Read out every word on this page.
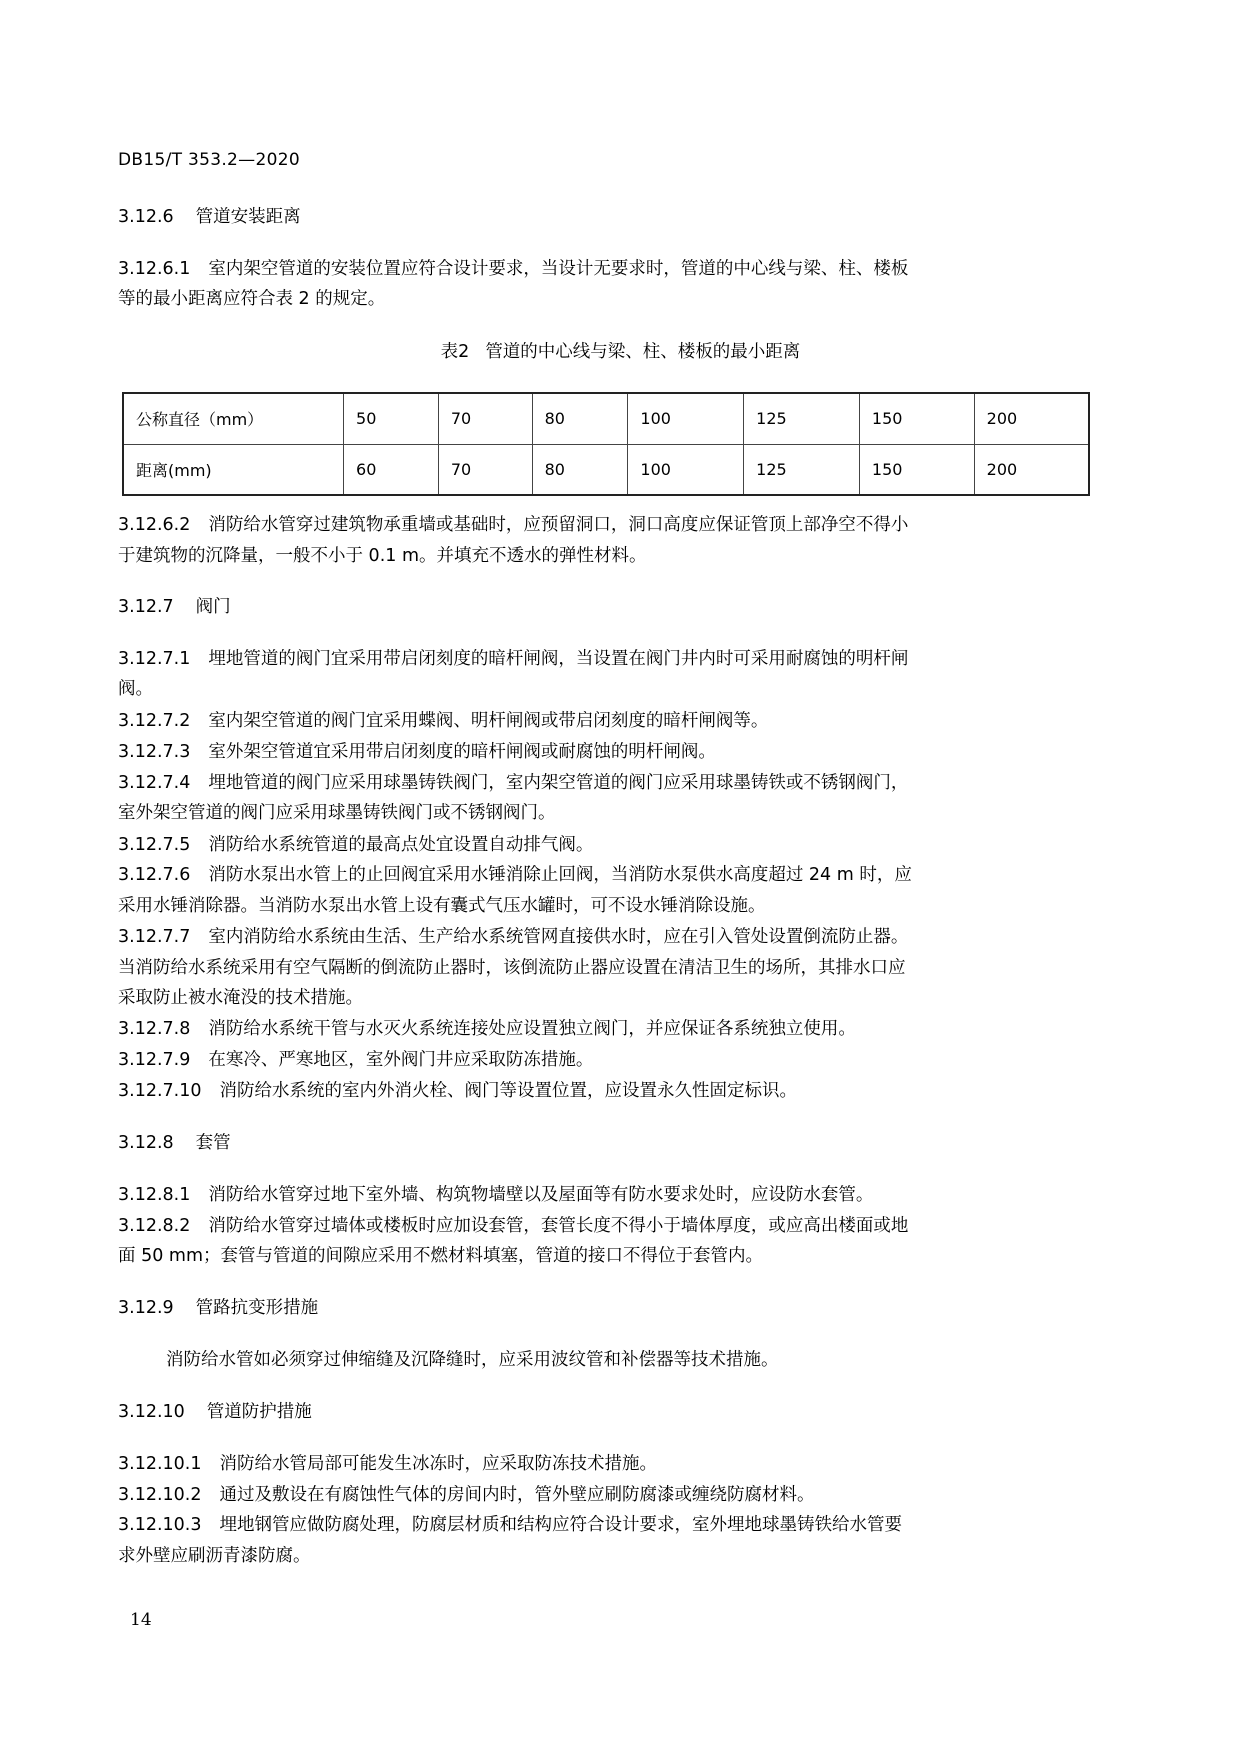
DB15/T 353.2—2020
3.12.6 管道安装距离
3.12.6.1 室内架空管道的安装位置应符合设计要求，当设计无要求时，管道的中心线与梁、柱、楼板
等的最小距离应符合表 2 的规定。
表2 管道的中心线与梁、柱、楼板的最小距离
公称直径（mm）	50	70	80	100	125	150	200
距离(mm)	60	70	80	100	125	150	200
3.12.6.2 消防给水管穿过建筑物承重墙或基础时，应预留洞口，洞口高度应保证管顶上部净空不得小
于建筑物的沉降量，一般不小于 0.1 m。并填充不透水的弹性材料。
3.12.7 阀门
3.12.7.1 埋地管道的阀门宜采用带启闭刻度的暗杆闸阀，当设置在阀门井内时可采用耐腐蚀的明杆闸
阀。
3.12.7.2 室内架空管道的阀门宜采用蝶阀、明杆闸阀或带启闭刻度的暗杆闸阀等。
3.12.7.3 室外架空管道宜采用带启闭刻度的暗杆闸阀或耐腐蚀的明杆闸阀。
3.12.7.4 埋地管道的阀门应采用球墨铸铁阀门，室内架空管道的阀门应采用球墨铸铁或不锈钢阀门，
室外架空管道的阀门应采用球墨铸铁阀门或不锈钢阀门。
3.12.7.5 消防给水系统管道的最高点处宜设置自动排气阀。
3.12.7.6 消防水泵出水管上的止回阀宜采用水锤消除止回阀，当消防水泵供水高度超过 24 m 时，应
采用水锤消除器。当消防水泵出水管上设有囊式气压水罐时，可不设水锤消除设施。
3.12.7.7 室内消防给水系统由生活、生产给水系统管网直接供水时，应在引入管处设置倒流防止器。
当消防给水系统采用有空气隔断的倒流防止器时，该倒流防止器应设置在清洁卫生的场所，其排水口应
采取防止被水淹没的技术措施。
3.12.7.8 消防给水系统干管与水灭火系统连接处应设置独立阀门，并应保证各系统独立使用。
3.12.7.9 在寒冷、严寒地区，室外阀门井应采取防冻措施。
3.12.7.10 消防给水系统的室内外消火栓、阀门等设置位置，应设置永久性固定标识。
3.12.8 套管
3.12.8.1 消防给水管穿过地下室外墙、构筑物墙壁以及屋面等有防水要求处时，应设防水套管。
3.12.8.2 消防给水管穿过墙体或楼板时应加设套管，套管长度不得小于墙体厚度，或应高出楼面或地
面 50 mm；套管与管道的间隙应采用不燃材料填塞，管道的接口不得位于套管内。
3.12.9 管路抗变形措施
消防给水管如必须穿过伸缩缝及沉降缝时，应采用波纹管和补偿器等技术措施。
3.12.10 管道防护措施
3.12.10.1 消防给水管局部可能发生冰冻时，应采取防冻技术措施。
3.12.10.2 通过及敷设在有腐蚀性气体的房间内时，管外壁应刷防腐漆或缠绕防腐材料。
3.12.10.3 埋地钢管应做防腐处理，防腐层材质和结构应符合设计要求，室外埋地球墨铸铁给水管要
求外壁应刷沥青漆防腐。
14
